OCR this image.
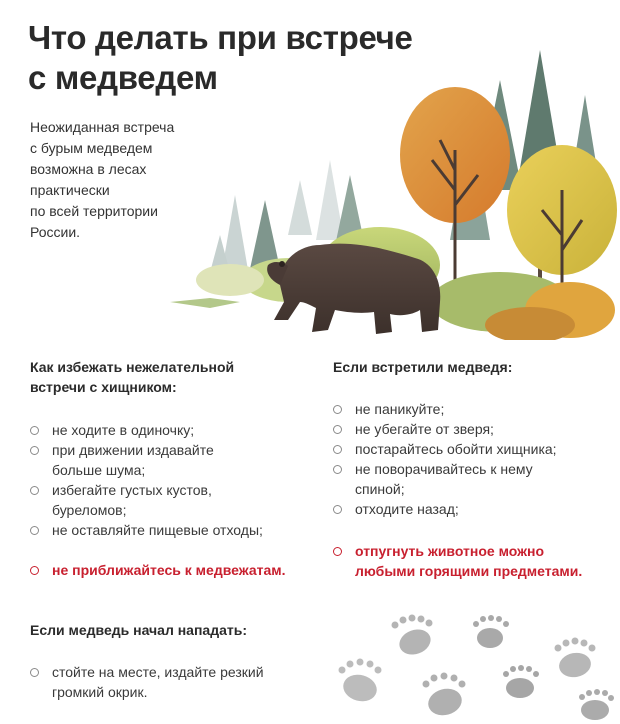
Что делать при встрече
с медведем
Неожиданная встреча
с бурым медведем
возможна в лесах
практически
по всей территории
России.
Как избежать нежелательной
встречи с хищником:
не ходите в одиночку;
при движении издавайте
больше шума;
избегайте густых кустов,
буреломов;
не оставляйте пищевые отходы;
не приближайтесь к медвежатам.
Если встретили медведя:
не паникуйте;
не убегайте от зверя;
постарайтесь обойти хищника;
не поворачивайтесь к нему
спиной;
отходите назад;
отпугнуть животное можно
любыми горящими предметами.
Если медведь начал нападать:
стойте на месте, издайте резкий
громкий окрик.
